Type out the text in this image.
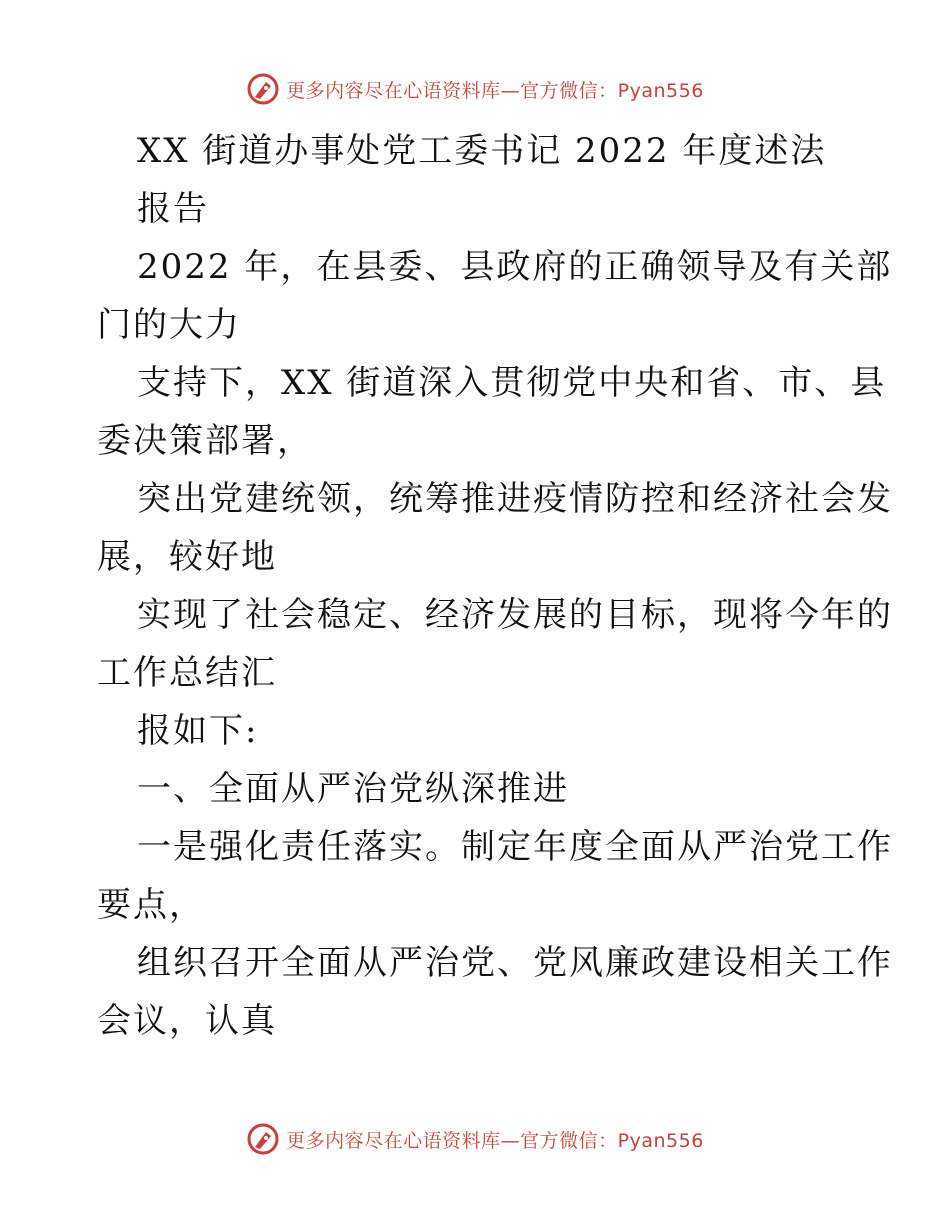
更多内容尽在心语资料库—官方微信：Pyan556
XX 街道办事处党工委书记 2022 年度述法
报告
2022 年，在县委、县政府的正确领导及有关部
门的大力
支持下，XX 街道深入贯彻党中央和省、市、县
委决策部署，
突出党建统领，统筹推进疫情防控和经济社会发
展，较好地
实现了社会稳定、经济发展的目标，现将今年的
工作总结汇
报如下:
一、全面从严治党纵深推进
一是强化责任落实。制定年度全面从严治党工作
要点，
组织召开全面从严治党、党风廉政建设相关工作
会议，认真
更多内容尽在心语资料库—官方微信：Pyan556
